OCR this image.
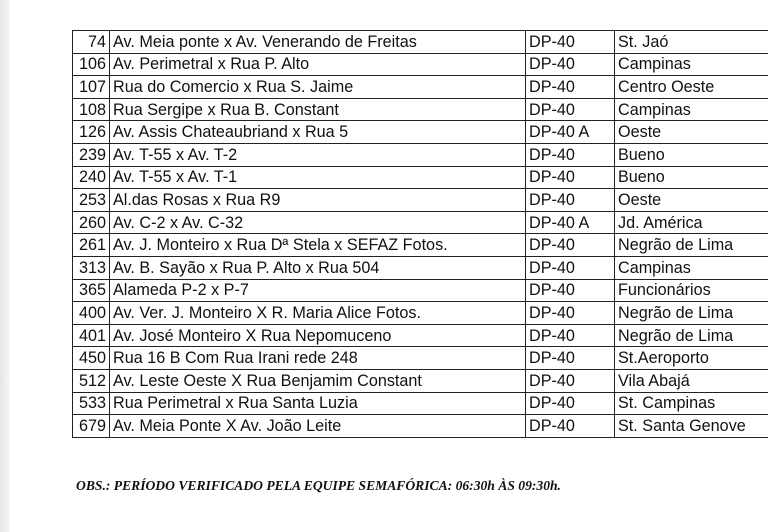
74	Av. Meia ponte x Av. Venerando de Freitas	DP-40	St. Jaó
106	Av. Perimetral x Rua P. Alto	DP-40	Campinas
107	Rua do Comercio x Rua S. Jaime	DP-40	Centro Oeste
108	Rua Sergipe x Rua B. Constant	DP-40	Campinas
126	Av. Assis Chateaubriand x Rua 5	DP-40 A	Oeste
239	Av. T-55 x Av. T-2	DP-40	Bueno
240	Av. T-55 x Av. T-1	DP-40	Bueno
253	Al.das Rosas x Rua R9	DP-40	Oeste
260	Av. C-2 x Av. C-32	DP-40 A	Jd. América
261	Av. J. Monteiro x Rua Dª Stela x SEFAZ Fotos.	DP-40	Negrão de Lima
313	Av. B. Sayão x Rua P. Alto x Rua 504	DP-40	Campinas
365	Alameda P-2 x P-7	DP-40	Funcionários
400	Av. Ver. J. Monteiro X R. Maria Alice Fotos.	DP-40	Negrão de Lima
401	Av. José Monteiro X Rua Nepomuceno	DP-40	Negrão de Lima
450	Rua 16 B Com Rua Irani rede 248	DP-40	St.Aeroporto
512	Av. Leste Oeste X Rua Benjamim Constant	DP-40	Vila Abajá
533	Rua Perimetral x Rua Santa Luzia	DP-40	St. Campinas
679	Av. Meia Ponte X Av. João Leite	DP-40	St. Santa Genove
OBS.: PERÍODO VERIFICADO PELA EQUIPE SEMAFÓRICA: 06:30h ÀS 09:30h.
